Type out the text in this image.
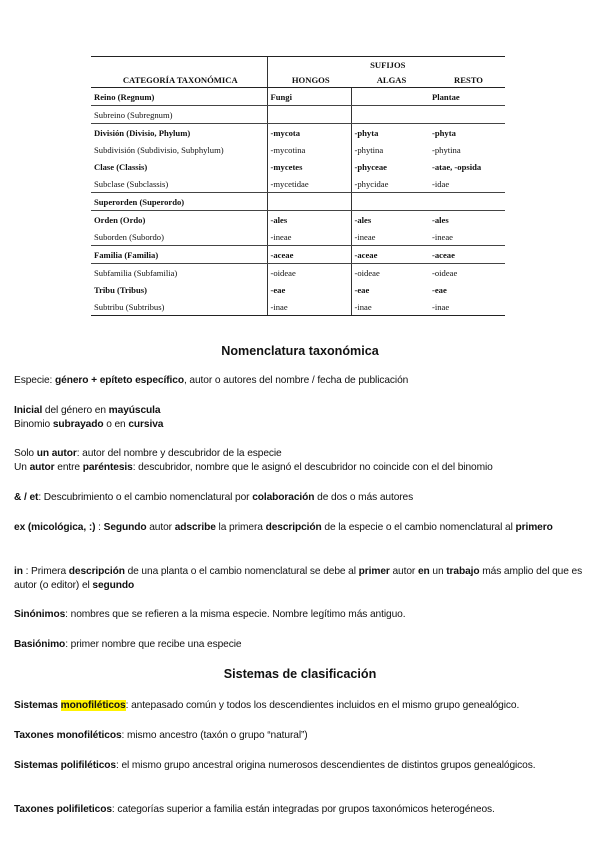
	SUFIJOS		
CATEGORÍA TAXONÓMICA	HONGOS	ALGAS	RESTO
Reino (Regnum)	Fungi		Plantae
Subreino (Subregnum)			
División (Divisio, Phylum)	-mycota	-phyta	-phyta
Subdivisión (Subdivisio, Subphylum)	-mycotina	-phytina	-phytina
Clase (Classis)	-mycetes	-phyceae	-atae, -opsida
Subclase (Subclassis)	-mycetidae	-phycidae	-idae
Superorden (Superordo)			
Orden (Ordo)	-ales	-ales	-ales
Suborden (Subordo)	-ineae	-ineae	-ineae
Familia (Familia)	-aceae	-aceae	-aceae
Subfamilia (Subfamilia)	-oideae	-oideae	-oideae
Tribu (Tribus)	-eae	-eae	-eae
Subtribu (Subtribus)	-inae	-inae	-inae
Nomenclatura taxonómica
Especie: género + epíteto específico, autor o autores del nombre / fecha de publicación
Inicial del género en mayúscula
Binomio subrayado o en cursiva
Solo un autor: autor del nombre y descubridor de la especie
Un autor entre paréntesis: descubridor, nombre que le asignó el descubridor no coincide con el del binomio
& / et: Descubrimiento o el cambio nomenclatural por colaboración de dos o más autores
ex (micológica, :) : Segundo autor adscribe la primera descripción de la especie o el cambio nomenclatural al primero
in : Primera descripción de una planta o el cambio nomenclatural se debe al primer autor en un trabajo más amplio del que es autor (o editor) el segundo
Sinónimos: nombres que se refieren a la misma especie. Nombre legítimo más antiguo.
Basiónimo: primer nombre que recibe una especie
Sistemas de clasificación
Sistemas monofiléticos: antepasado común y todos los descendientes incluidos en el mismo grupo genealógico.
Taxones monofiléticos: mismo ancestro (taxón o grupo “natural”)
Sistemas polifiléticos: el mismo grupo ancestral origina numerosos descendientes de distintos grupos genealógicos.
Taxones polifileticos: categorías superior a familia están integradas por grupos taxonómicos heterogéneos.
